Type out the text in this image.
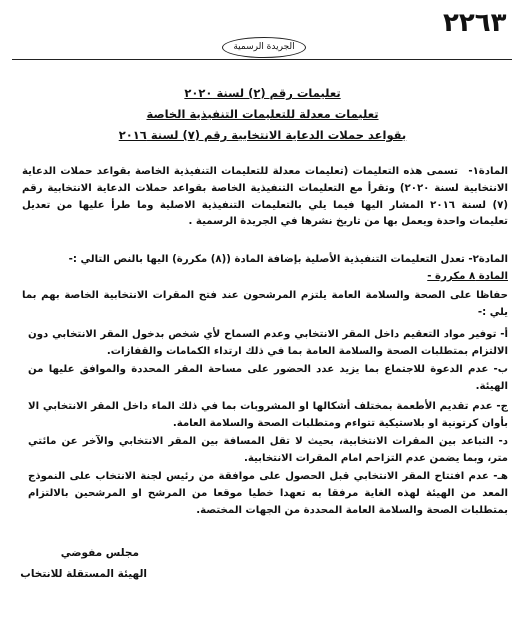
٢٢٦٣
الجريدة الرسمية
تعليمات رقم (٢) لسنة ٢٠٢٠
تعليمات معدلة للتعليمات التنفيذية الخاصة
بقواعد حملات الدعاية الانتخابية رقم (٧) لسنة ٢٠١٦
المادة١- تسمى هذه التعليمات (تعليمات معدلة للتعليمات التنفيذية الخاصة بقواعد حملات الدعاية الانتخابية لسنة ٢٠٢٠) وتقرأ مع التعليمات التنفيذية الخاصة بقواعد حملات الدعاية الانتخابية رقم (٧) لسنة ٢٠١٦ المشار اليها فيما يلي بالتعليمات التنفيذية الاصلية وما طرأ عليها من تعديل تعليمات واحدة ويعمل بها من تاريخ نشرها في الجريدة الرسمية .
المادة٢- تعدل التعليمات التنفيذية الأصلية بإضافة المادة ((٨) مكررة) اليها بالنص التالي :-
المادة ٨ مكررة -
حفاظا على الصحة والسلامة العامة يلتزم المرشحون عند فتح المقرات الانتخابية الخاصة بهم بما يلي :-
أ- توفير مواد التعقيم داخل المقر الانتخابي وعدم السماح لأي شخص بدخول المقر الانتخابي دون الالتزام بمتطلبات الصحة والسلامة العامة بما في ذلك ارتداء الكمامات والقفازات.
ب- عدم الدعوة للاجتماع بما يزيد عدد الحضور على مساحة المقر المحددة والموافق عليها من الهيئة.
ج- عدم تقديم الأطعمة بمختلف أشكالها او المشروبات بما في ذلك الماء داخل المقر الانتخابي الا بأوان كرتونية او بلاستيكية تتواءم ومتطلبات الصحة والسلامة العامة.
د- التباعد بين المقرات الانتخابية، بحيث لا تقل المسافة بين المقر الانتخابي والآخر عن مائتي متر، وبما يضمن عدم التزاحم امام المقرات الانتخابية.
هـ- عدم افتتاح المقر الانتخابي قبل الحصول على موافقة من رئيس لجنة الانتخاب على النموذج المعد من الهيئة لهذه الغاية مرفقا به تعهدا خطيا موقعا من المرشح او المرشحين بالالتزام بمتطلبات الصحة والسلامة العامة المحددة من الجهات المختصة.
مجلس مفوضي
الهيئة المستقلة للانتخاب
